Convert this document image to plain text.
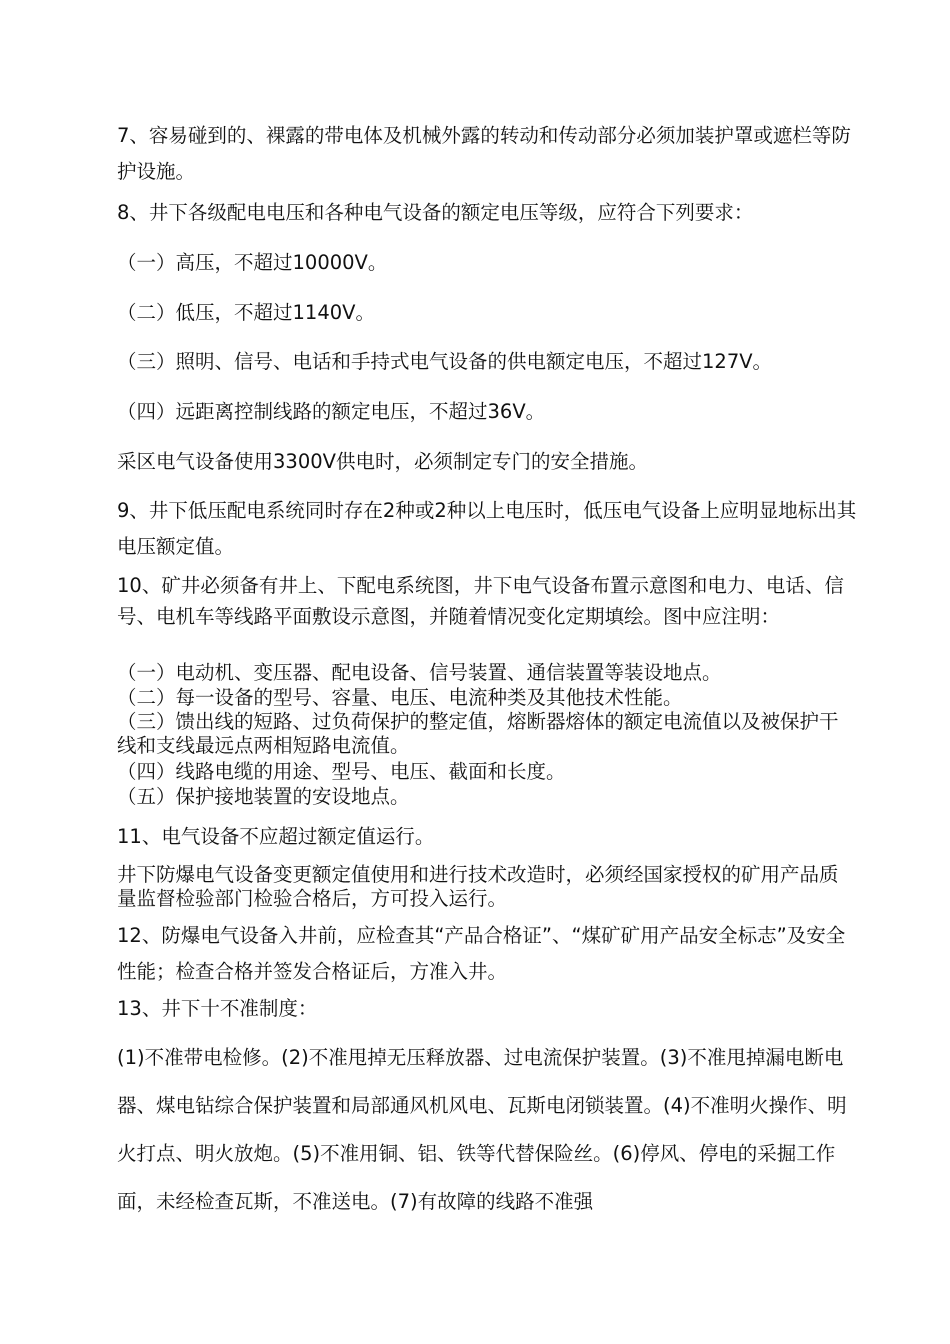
7、容易碰到的、裸露的带电体及机械外露的转动和传动部分必须加装护罩或遮栏等防护设施。

8、井下各级配电电压和各种电气设备的额定电压等级，应符合下列要求：

（一）高压，不超过10000V。

（二）低压，不超过1140V。

（三）照明、信号、电话和手持式电气设备的供电额定电压，不超过127V。

（四）远距离控制线路的额定电压，不超过36V。

采区电气设备使用3300V供电时，必须制定专门的安全措施。

9、井下低压配电系统同时存在2种或2种以上电压时，低压电气设备上应明显地标出其电压额定值。

10、矿井必须备有井上、下配电系统图，井下电气设备布置示意图和电力、电话、信号、电机车等线路平面敷设示意图，并随着情况变化定期填绘。图中应注明：

（一）电动机、变压器、配电设备、信号装置、通信装置等装设地点。

（二）每一设备的型号、容量、电压、电流种类及其他技术性能。

（三）馈出线的短路、过负荷保护的整定值，熔断器熔体的额定电流值以及被保护干线和支线最远点两相短路电流值。

（四）线路电缆的用途、型号、电压、截面和长度。

（五）保护接地装置的安设地点。

11、电气设备不应超过额定值运行。

井下防爆电气设备变更额定值使用和进行技术改造时，必须经国家授权的矿用产品质量监督检验部门检验合格后，方可投入运行。

12、防爆电气设备入井前，应检查其“产品合格证”、“煤矿矿用产品安全标志”及安全性能；检查合格并签发合格证后，方准入井。

13、井下十不准制度：

(1)不准带电检修。(2)不准甩掉无压释放器、过电流保护装置。(3)不准甩掉漏电断电器、煤电钻综合保护装置和局部通风机风电、瓦斯电闭锁装置。(4)不准明火操作、明火打点、明火放炮。(5)不准用铜、铝、铁等代替保险丝。(6)停风、停电的采掘工作面，未经检查瓦斯，不准送电。(7)有故障的线路不准强
